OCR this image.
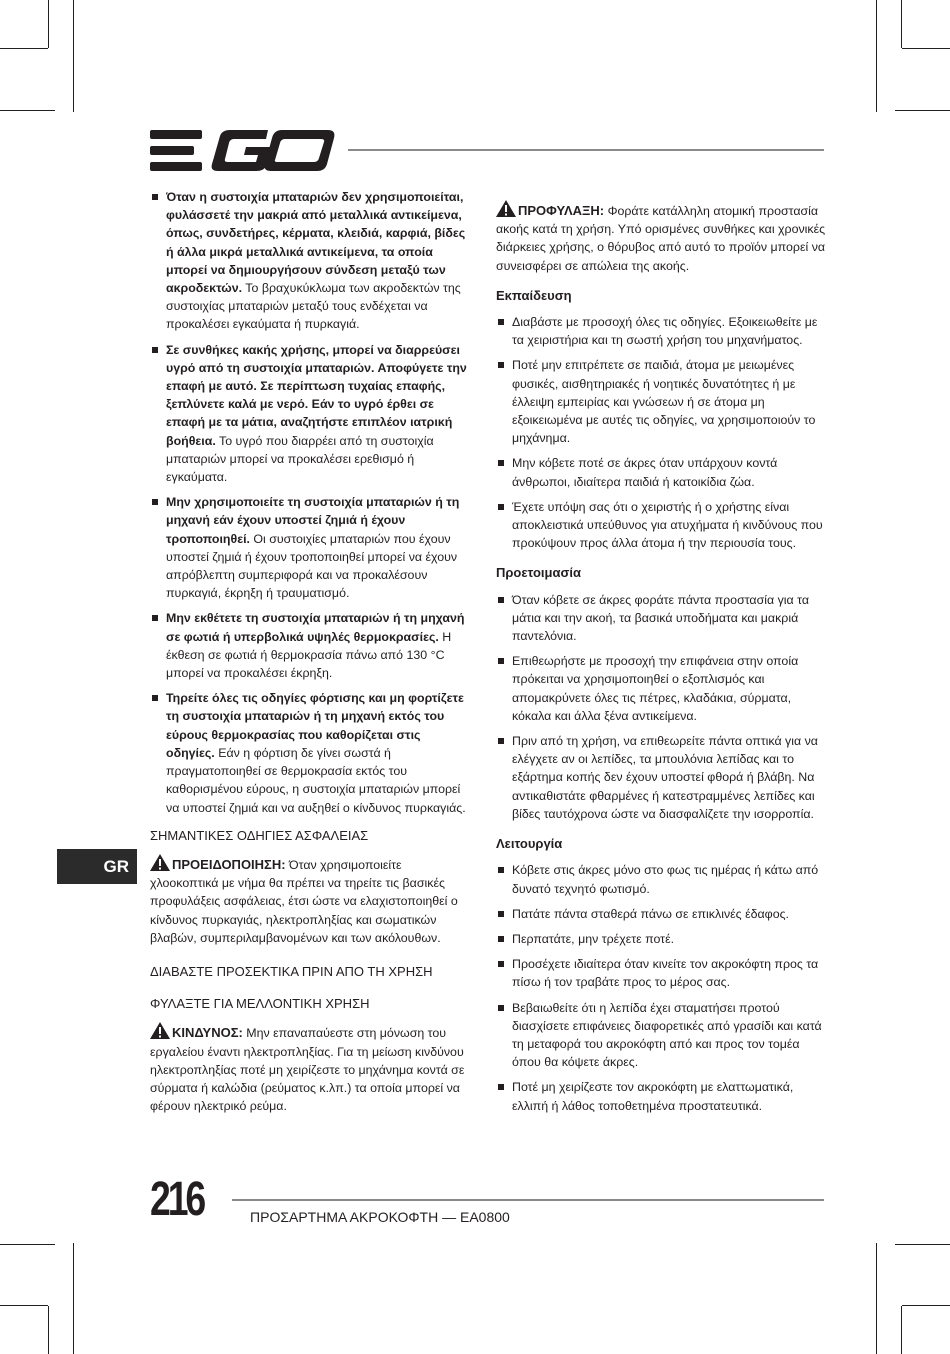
Όταν η συστοιχία μπαταριών δεν χρησιμοποιείται, φυλάσσετέ την μακριά από μεταλλικά αντικείμενα, όπως, συνδετήρες, κέρματα, κλειδιά, καρφιά, βίδες ή άλλα μικρά μεταλλικά αντικείμενα, τα οποία μπορεί να δημιουργήσουν σύνδεση μεταξύ των ακροδεκτών. Το βραχυκύκλωμα των ακροδεκτών της συστοιχίας μπαταριών μεταξύ τους ενδέχεται να προκαλέσει εγκαύματα ή πυρκαγιά.
Σε συνθήκες κακής χρήσης, μπορεί να διαρρεύσει υγρό από τη συστοιχία μπαταριών. Αποφύγετε την επαφή με αυτό. Σε περίπτωση τυχαίας επαφής, ξεπλύνετε καλά με νερό. Εάν το υγρό έρθει σε επαφή με τα μάτια, αναζητήστε επιπλέον ιατρική βοήθεια. Το υγρό που διαρρέει από τη συστοιχία μπαταριών μπορεί να προκαλέσει ερεθισμό ή εγκαύματα.
Μην χρησιμοποιείτε τη συστοιχία μπαταριών ή τη μηχανή εάν έχουν υποστεί ζημιά ή έχουν τροποποιηθεί. Οι συστοιχίες μπαταριών που έχουν υποστεί ζημιά ή έχουν τροποποιηθεί μπορεί να έχουν απρόβλεπτη συμπεριφορά και να προκαλέσουν πυρκαγιά, έκρηξη ή τραυματισμό.
Μην εκθέτετε τη συστοιχία μπαταριών ή τη μηχανή σε φωτιά ή υπερβολικά υψηλές θερμοκρασίες. Η έκθεση σε φωτιά ή θερμοκρασία πάνω από 130 °C μπορεί να προκαλέσει έκρηξη.
Τηρείτε όλες τις οδηγίες φόρτισης και μη φορτίζετε τη συστοιχία μπαταριών ή τη μηχανή εκτός του εύρους θερμοκρασίας που καθορίζεται στις οδηγίες. Εάν η φόρτιση δε γίνει σωστά ή πραγματοποιηθεί σε θερμοκρασία εκτός του καθορισμένου εύρους, η συστοιχία μπαταριών μπορεί να υποστεί ζημιά και να αυξηθεί ο κίνδυνος πυρκαγιάς.
ΣΗΜΑΝΤΙΚΕΣ ΟΔΗΓΙΕΣ ΑΣΦΑΛΕΙΑΣ
ΠΡΟΕΙΔΟΠΟΙΗΣΗ: Όταν χρησιμοποιείτε χλοοκοπτικά με νήμα θα πρέπει να τηρείτε τις βασικές προφυλάξεις ασφάλειας, έτσι ώστε να ελαχιστοποιηθεί ο κίνδυνος πυρκαγιάς, ηλεκτροπληξίας και σωματικών βλαβών, συμπεριλαμβανομένων και των ακόλουθων.
ΔΙΑΒΑΣΤΕ ΠΡΟΣΕΚΤΙΚΑ ΠΡΙΝ ΑΠΟ ΤΗ ΧΡΗΣΗ
ΦΥΛΑΞΤΕ ΓΙΑ ΜΕΛΛΟΝΤΙΚΗ ΧΡΗΣΗ
ΚΙΝΔΥΝΟΣ: Μην επαναπαύεστε στη μόνωση του εργαλείου έναντι ηλεκτροπληξίας. Για τη μείωση κινδύνου ηλεκτροπληξίας ποτέ μη χειρίζεστε το μηχάνημα κοντά σε σύρματα ή καλώδια (ρεύματος κ.λπ.) τα οποία μπορεί να φέρουν ηλεκτρικό ρεύμα.
ΠΡΟΦΥΛΑΞΗ: Φοράτε κατάλληλη ατομική προστασία ακοής κατά τη χρήση. Υπό ορισμένες συνθήκες και χρονικές διάρκειες χρήσης, ο θόρυβος από αυτό το προϊόν μπορεί να συνεισφέρει σε απώλεια της ακοής.
Εκπαίδευση
Διαβάστε με προσοχή όλες τις οδηγίες. Εξοικειωθείτε με τα χειριστήρια και τη σωστή χρήση του μηχανήματος.
Ποτέ μην επιτρέπετε σε παιδιά, άτομα με μειωμένες φυσικές, αισθητηριακές ή νοητικές δυνατότητες ή με έλλειψη εμπειρίας και γνώσεων ή σε άτομα μη εξοικειωμένα με αυτές τις οδηγίες, να χρησιμοποιούν το μηχάνημα.
Μην κόβετε ποτέ σε άκρες όταν υπάρχουν κοντά άνθρωποι, ιδιαίτερα παιδιά ή κατοικίδια ζώα.
Έχετε υπόψη σας ότι ο χειριστής ή ο χρήστης είναι αποκλειστικά υπεύθυνος για ατυχήματα ή κινδύνους που προκύψουν προς άλλα άτομα ή την περιουσία τους.
Προετοιμασία
Όταν κόβετε σε άκρες φοράτε πάντα προστασία για τα μάτια και την ακοή, τα βασικά υποδήματα και μακριά παντελόνια.
Επιθεωρήστε με προσοχή την επιφάνεια στην οποία πρόκειται να χρησιμοποιηθεί ο εξοπλισμός και απομακρύνετε όλες τις πέτρες, κλαδάκια, σύρματα, κόκαλα και άλλα ξένα αντικείμενα.
Πριν από τη χρήση, να επιθεωρείτε πάντα οπτικά για να ελέγχετε αν οι λεπίδες, τα μπουλόνια λεπίδας και το εξάρτημα κοπής δεν έχουν υποστεί φθορά ή βλάβη. Να αντικαθιστάτε φθαρμένες ή κατεστραμμένες λεπίδες και βίδες ταυτόχρονα ώστε να διασφαλίζετε την ισορροπία.
Λειτουργία
Κόβετε στις άκρες μόνο στο φως τις ημέρας ή κάτω από δυνατό τεχνητό φωτισμό.
Πατάτε πάντα σταθερά πάνω σε επικλινές έδαφος.
Περπατάτε, μην τρέχετε ποτέ.
Προσέχετε ιδιαίτερα όταν κινείτε τον ακροκόφτη προς τα πίσω ή τον τραβάτε προς το μέρος σας.
Βεβαιωθείτε ότι η λεπίδα έχει σταματήσει προτού διασχίσετε επιφάνειες διαφορετικές από γρασίδι και κατά τη μεταφορά του ακροκόφτη από και προς τον τομέα όπου θα κόψετε άκρες.
Ποτέ μη χειρίζεστε τον ακροκόφτη με ελαττωματικά, ελλιπή ή λάθος τοποθετημένα προστατευτικά.
GR
216	ΠΡΟΣΑΡΤΗΜΑ ΑΚΡΟΚΟΦΤΗ — EA0800
